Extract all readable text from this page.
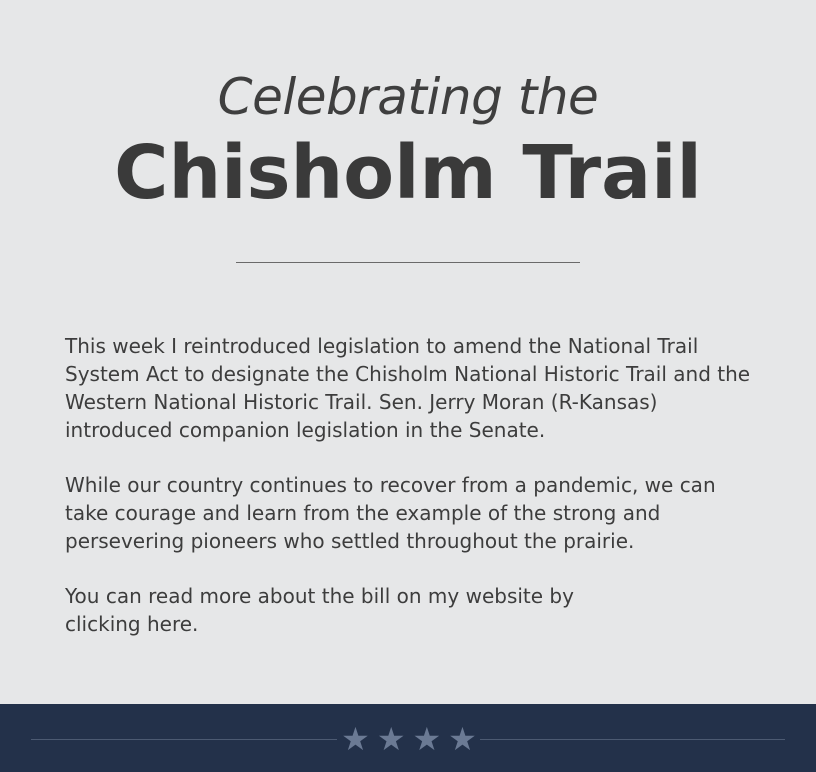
Celebrating the
Chisholm Trail

This week I reintroduced legislation to amend the National Trail System Act to designate the Chisholm National Historic Trail and the Western National Historic Trail. Sen. Jerry Moran (R-Kansas) introduced companion legislation in the Senate.

While our country continues to recover from a pandemic, we can take courage and learn from the example of the strong and persevering pioneers who settled throughout the prairie.

You can read more about the bill on my website by clicking here.

★ ★ ★ ★
